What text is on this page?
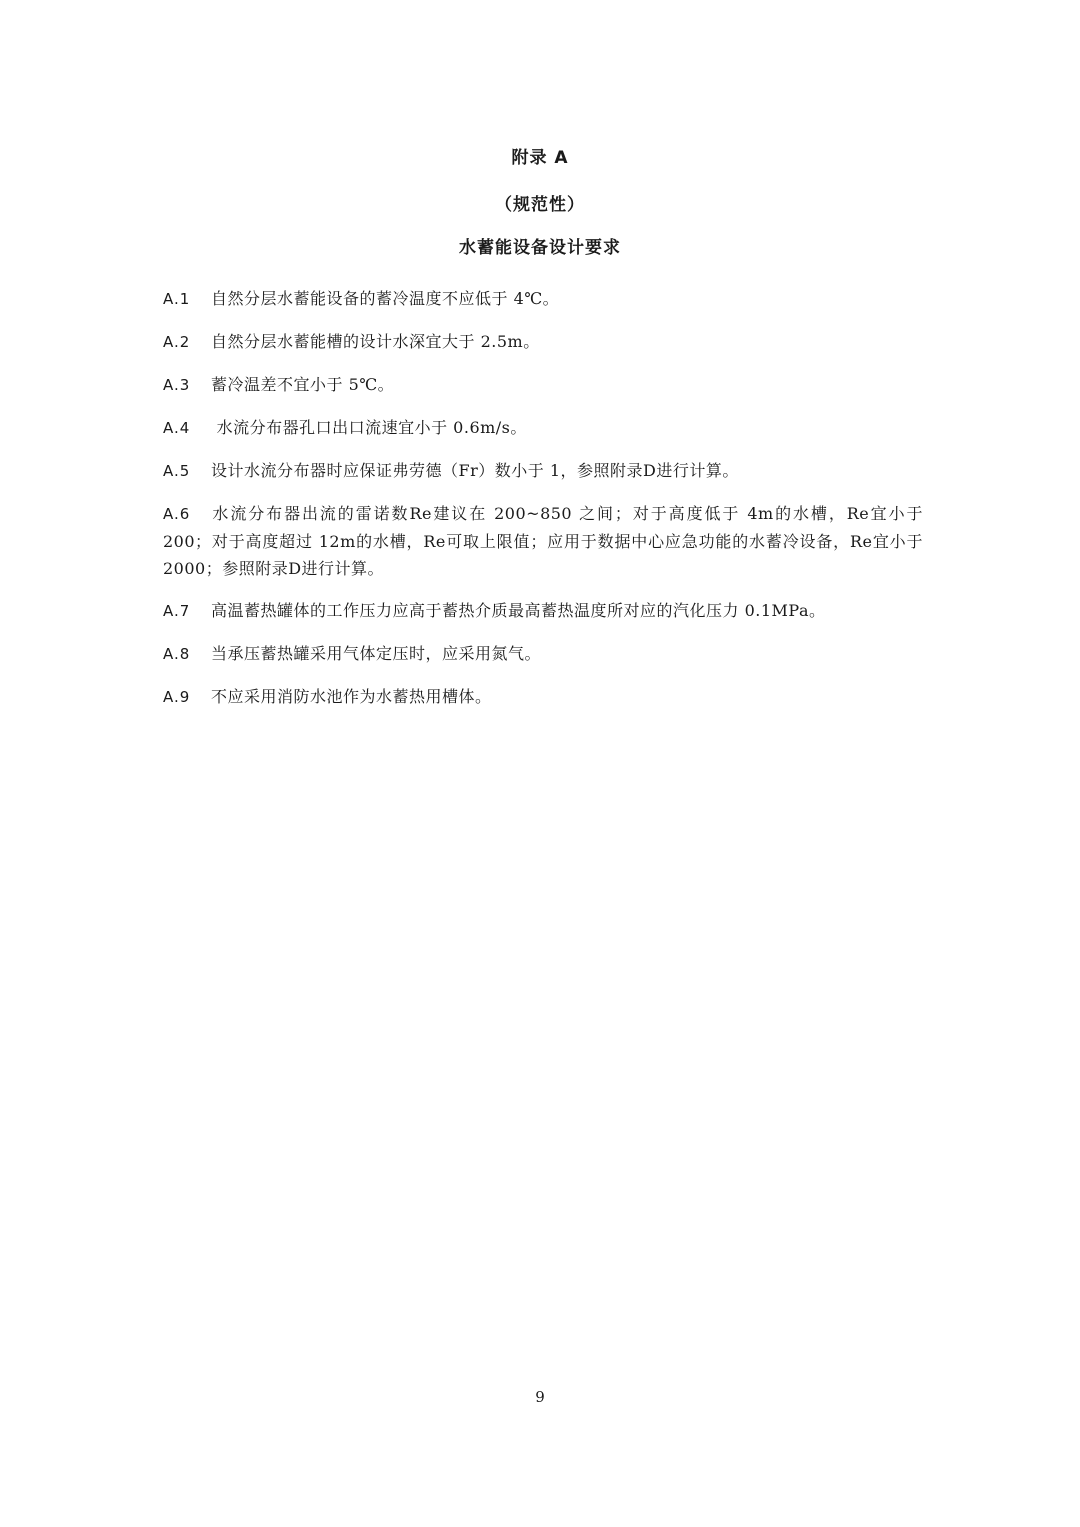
附录 A
（规范性）
水蓄能设备设计要求
A.1 自然分层水蓄能设备的蓄冷温度不应低于 4℃。
A.2 自然分层水蓄能槽的设计水深宜大于 2.5m。
A.3 蓄冷温差不宜小于 5℃。
A.4 水流分布器孔口出口流速宜小于 0.6m/s。
A.5 设计水流分布器时应保证弗劳德（Fr）数小于 1，参照附录D进行计算。
A.6 水流分布器出流的雷诺数Re建议在 200~850 之间；对于高度低于 4m的水槽，Re宜小于 200；对于高度超过 12m的水槽，Re可取上限值；应用于数据中心应急功能的水蓄冷设备，Re宜小于 2000；参照附录D进行计算。
A.7 高温蓄热罐体的工作压力应高于蓄热介质最高蓄热温度所对应的汽化压力 0.1MPa。
A.8 当承压蓄热罐采用气体定压时，应采用氮气。
A.9 不应采用消防水池作为水蓄热用槽体。
9
